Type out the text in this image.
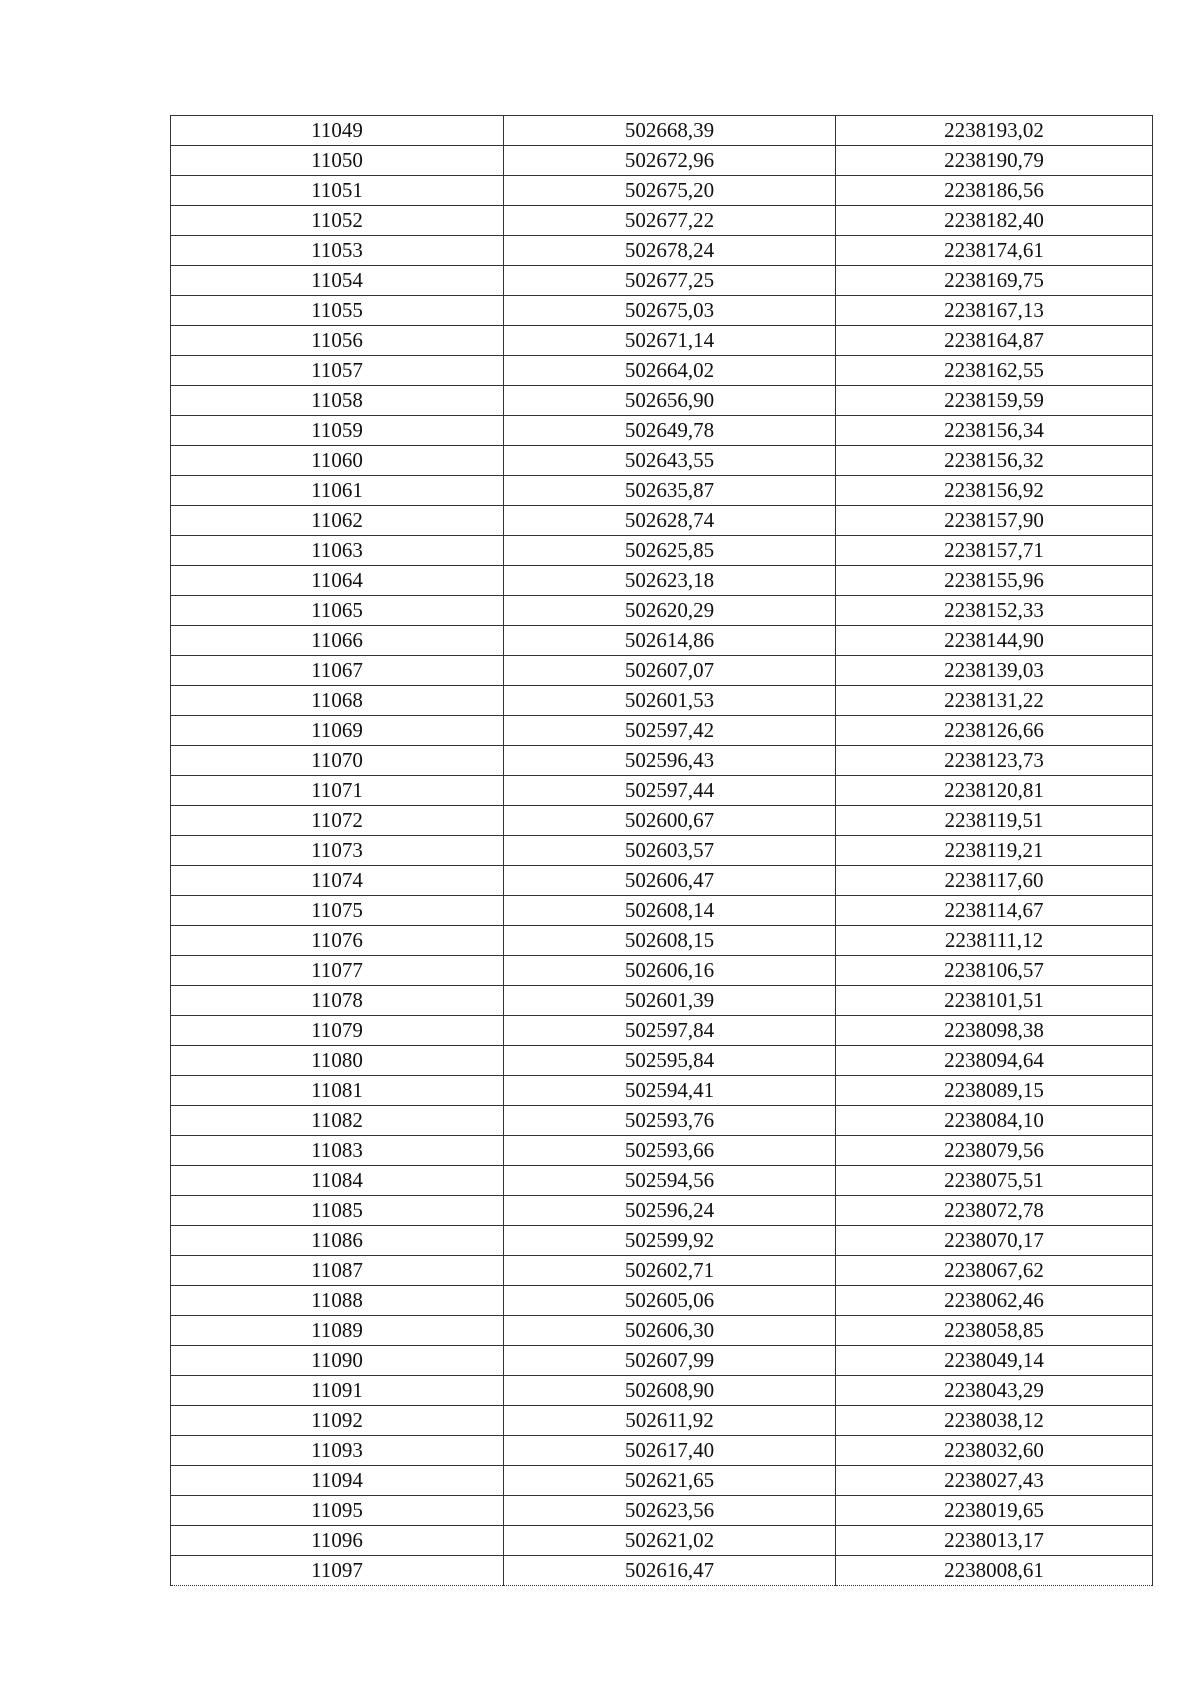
11049	502668,39	2238193,02
11050	502672,96	2238190,79
11051	502675,20	2238186,56
11052	502677,22	2238182,40
11053	502678,24	2238174,61
11054	502677,25	2238169,75
11055	502675,03	2238167,13
11056	502671,14	2238164,87
11057	502664,02	2238162,55
11058	502656,90	2238159,59
11059	502649,78	2238156,34
11060	502643,55	2238156,32
11061	502635,87	2238156,92
11062	502628,74	2238157,90
11063	502625,85	2238157,71
11064	502623,18	2238155,96
11065	502620,29	2238152,33
11066	502614,86	2238144,90
11067	502607,07	2238139,03
11068	502601,53	2238131,22
11069	502597,42	2238126,66
11070	502596,43	2238123,73
11071	502597,44	2238120,81
11072	502600,67	2238119,51
11073	502603,57	2238119,21
11074	502606,47	2238117,60
11075	502608,14	2238114,67
11076	502608,15	2238111,12
11077	502606,16	2238106,57
11078	502601,39	2238101,51
11079	502597,84	2238098,38
11080	502595,84	2238094,64
11081	502594,41	2238089,15
11082	502593,76	2238084,10
11083	502593,66	2238079,56
11084	502594,56	2238075,51
11085	502596,24	2238072,78
11086	502599,92	2238070,17
11087	502602,71	2238067,62
11088	502605,06	2238062,46
11089	502606,30	2238058,85
11090	502607,99	2238049,14
11091	502608,90	2238043,29
11092	502611,92	2238038,12
11093	502617,40	2238032,60
11094	502621,65	2238027,43
11095	502623,56	2238019,65
11096	502621,02	2238013,17
11097	502616,47	2238008,61
